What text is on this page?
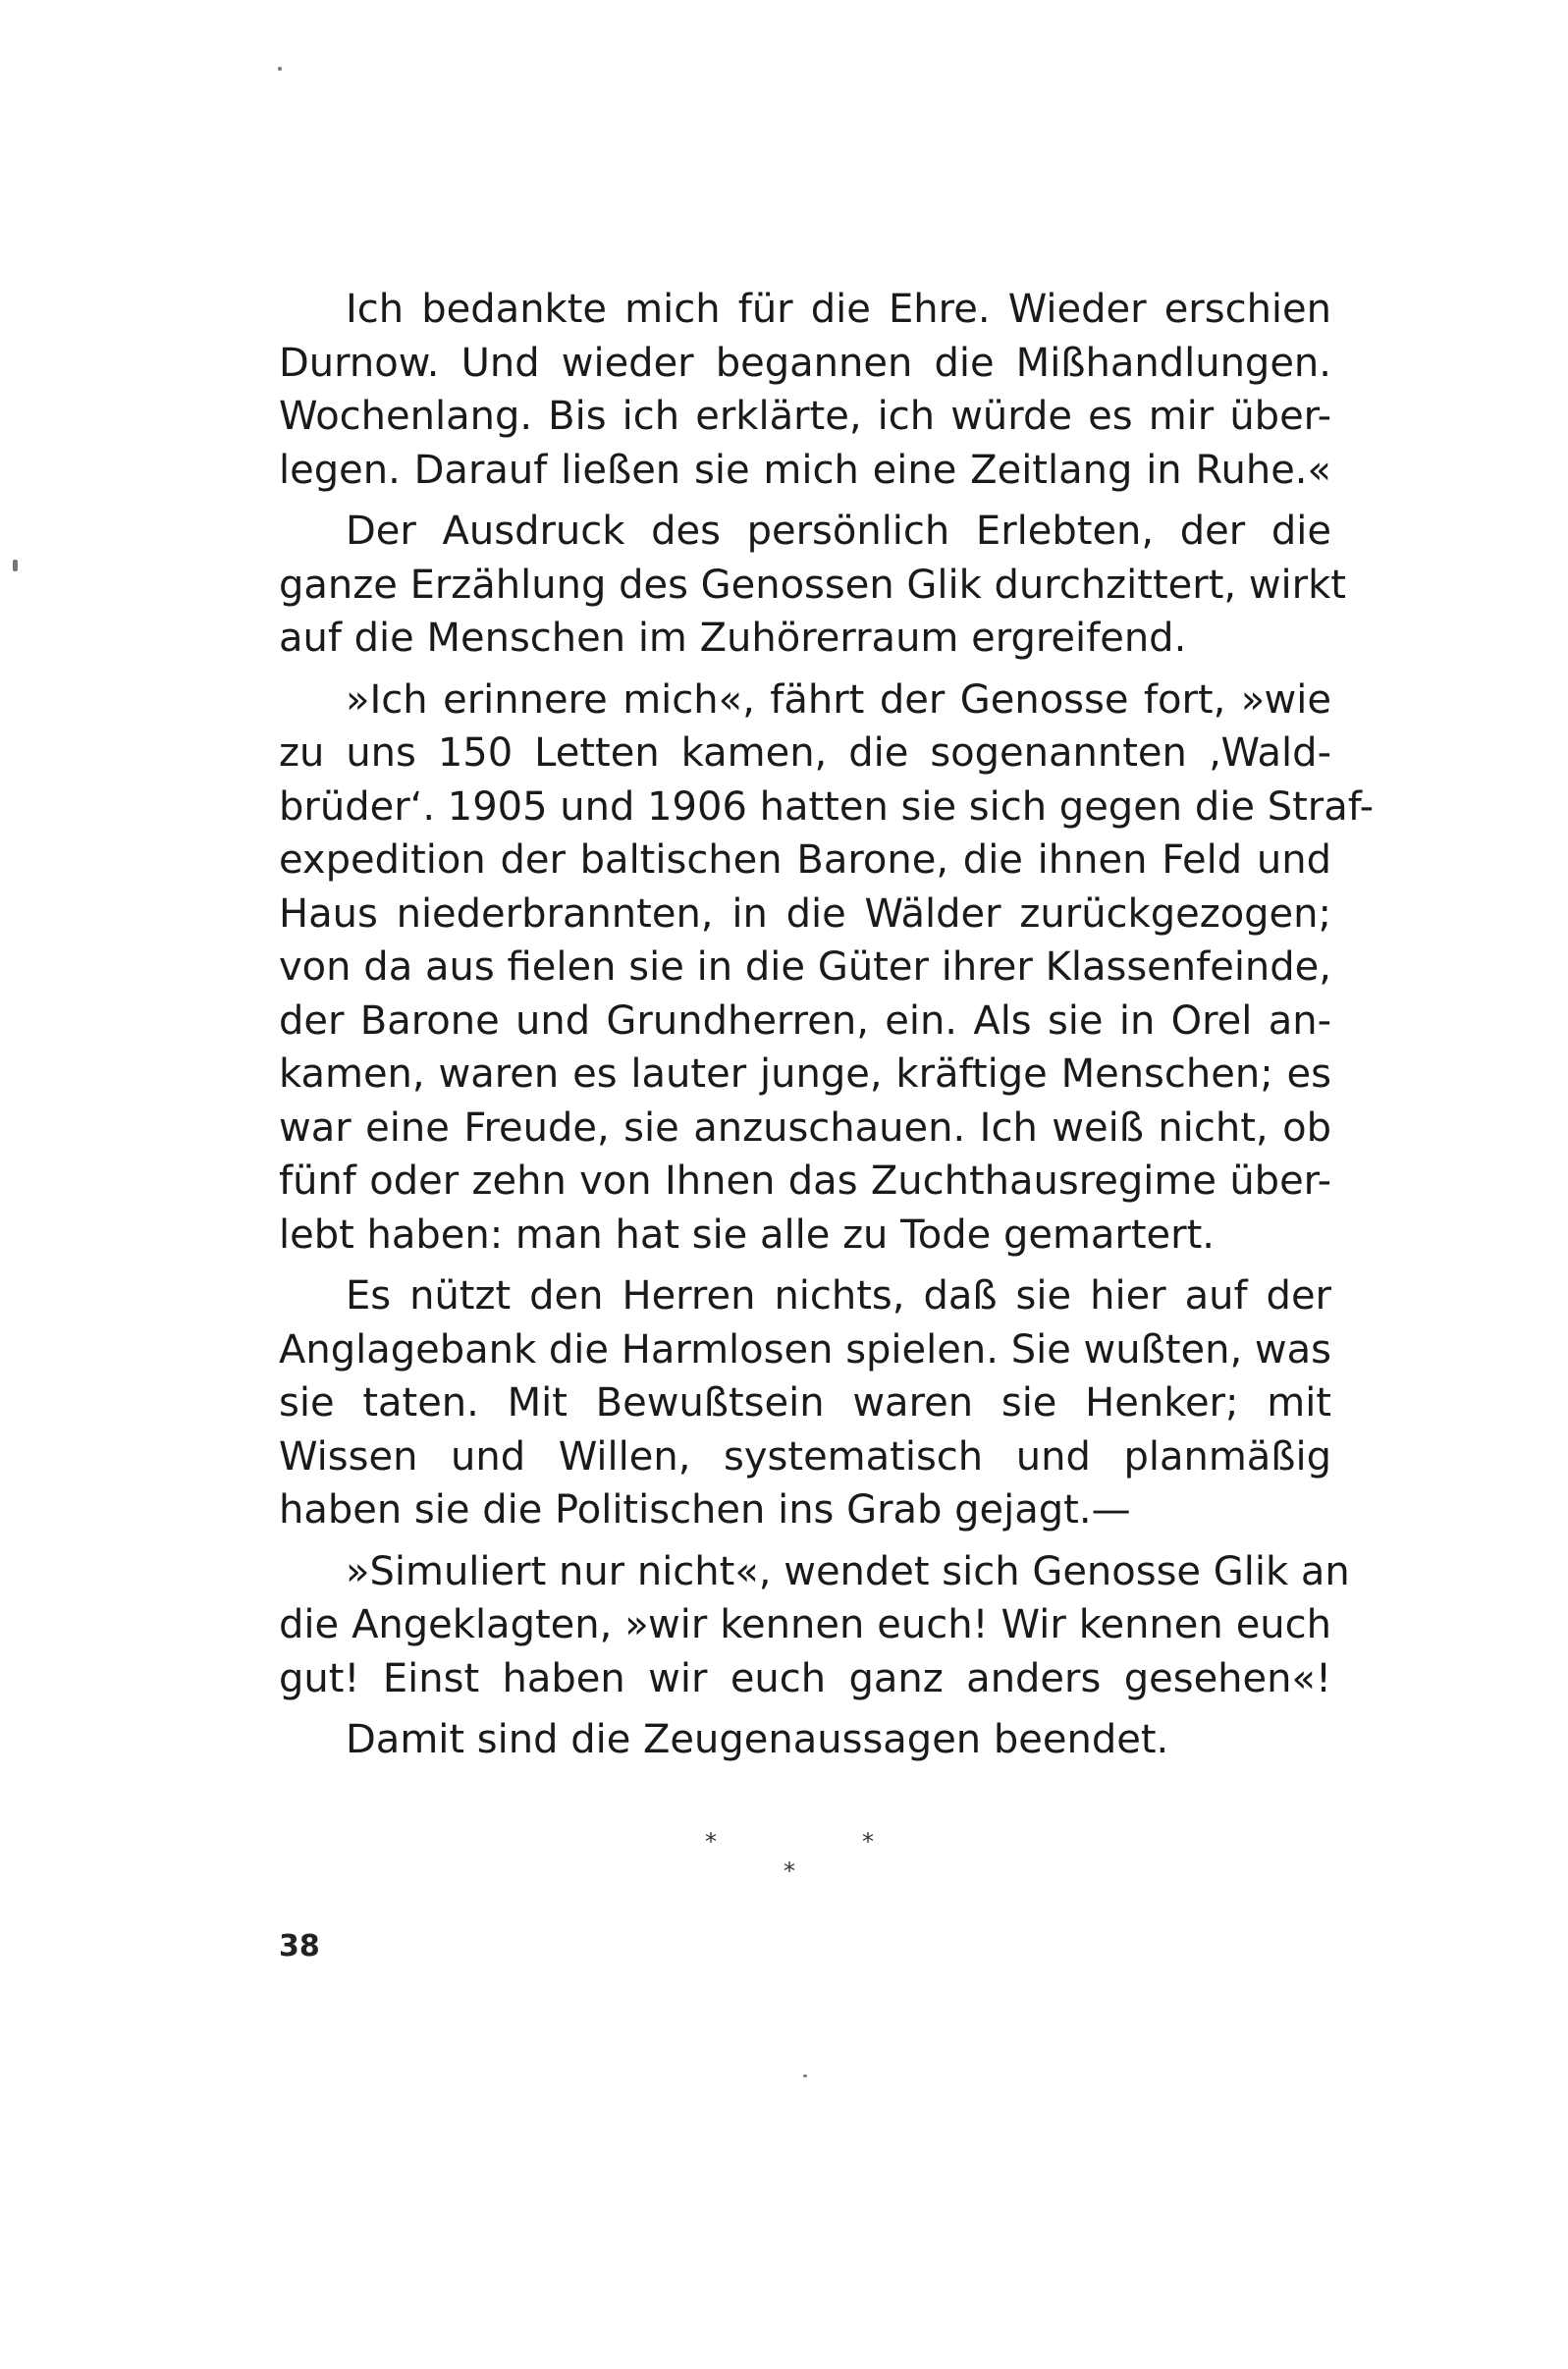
Ich bedankte mich für die Ehre. Wieder erschien
Durnow. Und wieder begannen die Mißhandlungen.
Wochenlang. Bis ich erklärte, ich würde es mir über-
legen. Darauf ließen sie mich eine Zeitlang in Ruhe.«

Der Ausdruck des persönlich Erlebten, der die
ganze Erzählung des Genossen Glik durchzittert, wirkt
auf die Menschen im Zuhörerraum ergreifend.

»Ich erinnere mich«, fährt der Genosse fort, »wie
zu uns 150 Letten kamen, die sogenannten ‚Wald-
brüder‘. 1905 und 1906 hatten sie sich gegen die Straf-
expedition der baltischen Barone, die ihnen Feld und
Haus niederbrannten, in die Wälder zurückgezogen;
von da aus fielen sie in die Güter ihrer Klassenfeinde,
der Barone und Grundherren, ein. Als sie in Orel an-
kamen, waren es lauter junge, kräftige Menschen; es
war eine Freude, sie anzuschauen. Ich weiß nicht, ob
fünf oder zehn von Ihnen das Zuchthausregime über-
lebt haben: man hat sie alle zu Tode gemartert.

Es nützt den Herren nichts, daß sie hier auf der
Anglagebank die Harmlosen spielen. Sie wußten, was
sie taten. Mit Bewußtsein waren sie Henker; mit
Wissen und Willen, systematisch und planmäßig
haben sie die Politischen ins Grab gejagt.—

»Simuliert nur nicht«, wendet sich Genosse Glik an
die Angeklagten, »wir kennen euch! Wir kennen euch
gut! Einst haben wir euch ganz anders gesehen«!

Damit sind die Zeugenaussagen beendet.

*	*
*
38
